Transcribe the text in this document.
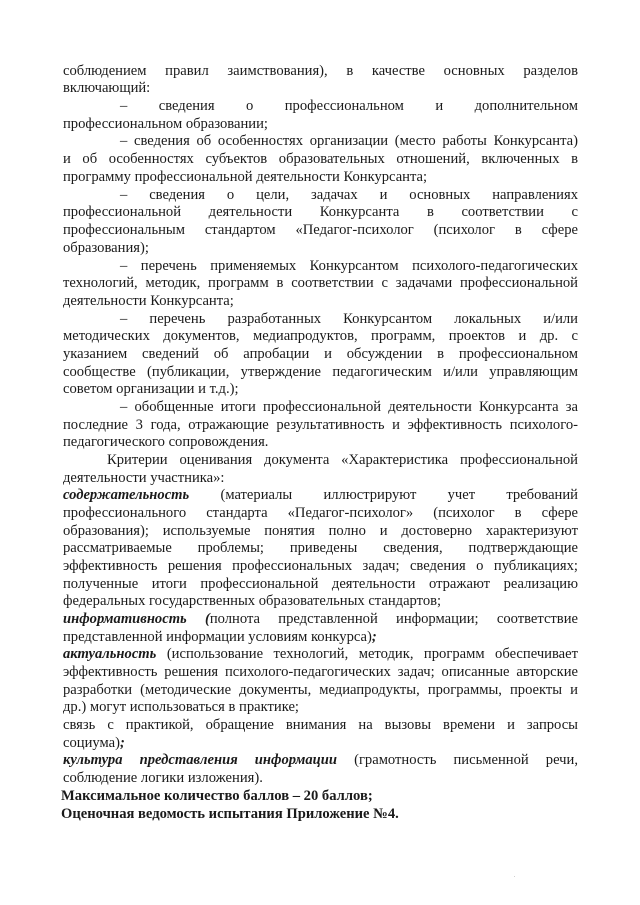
соблюдением правил заимствования), в качестве основных разделов
включающий:
– сведения о профессиональном и дополнительном
профессиональном образовании;
– сведения об особенностях организации (место работы Конкурсанта)
и об особенностях субъектов образовательных отношений, включенных в
программу профессиональной деятельности Конкурсанта;
– сведения о цели, задачах и основных направлениях
профессиональной деятельности Конкурсанта в соответствии с
профессиональным стандартом «Педагог-психолог (психолог в сфере
образования);
– перечень применяемых Конкурсантом психолого-педагогических
технологий, методик, программ в соответствии с задачами профессиональной
деятельности Конкурсанта;
– перечень разработанных Конкурсантом локальных и/или
методических документов, медиапродуктов, программ, проектов и др. с
указанием сведений об апробации и обсуждении в профессиональном
сообществе (публикации, утверждение педагогическим и/или управляющим
советом организации и т.д.);
– обобщенные итоги профессиональной деятельности Конкурсанта за
последние 3 года, отражающие результативность и эффективность психолого-
педагогического сопровождения.
Критерии оценивания документа «Характеристика профессиональной
деятельности участника»:
содержательность (материалы иллюстрируют учет требований
профессионального стандарта «Педагог-психолог» (психолог в сфере
образования); используемые понятия полно и достоверно характеризуют
рассматриваемые проблемы; приведены сведения, подтверждающие
эффективность решения профессиональных задач; сведения о публикациях;
полученные итоги профессиональной деятельности отражают реализацию
федеральных государственных образовательных стандартов;
информативность (полнота представленной информации; соответствие
представленной информации условиям конкурса);
актуальность (использование технологий, методик, программ обеспечивает
эффективность решения психолого-педагогических задач; описанные авторские
разработки (методические документы, медиапродукты, программы, проекты и
др.) могут использоваться в практике;
связь с практикой, обращение внимания на вызовы времени и запросы
социума);
культура представления информации (грамотность письменной речи,
соблюдение логики изложения).
Максимальное количество баллов – 20 баллов;
Оценочная ведомость испытания Приложение №4.
